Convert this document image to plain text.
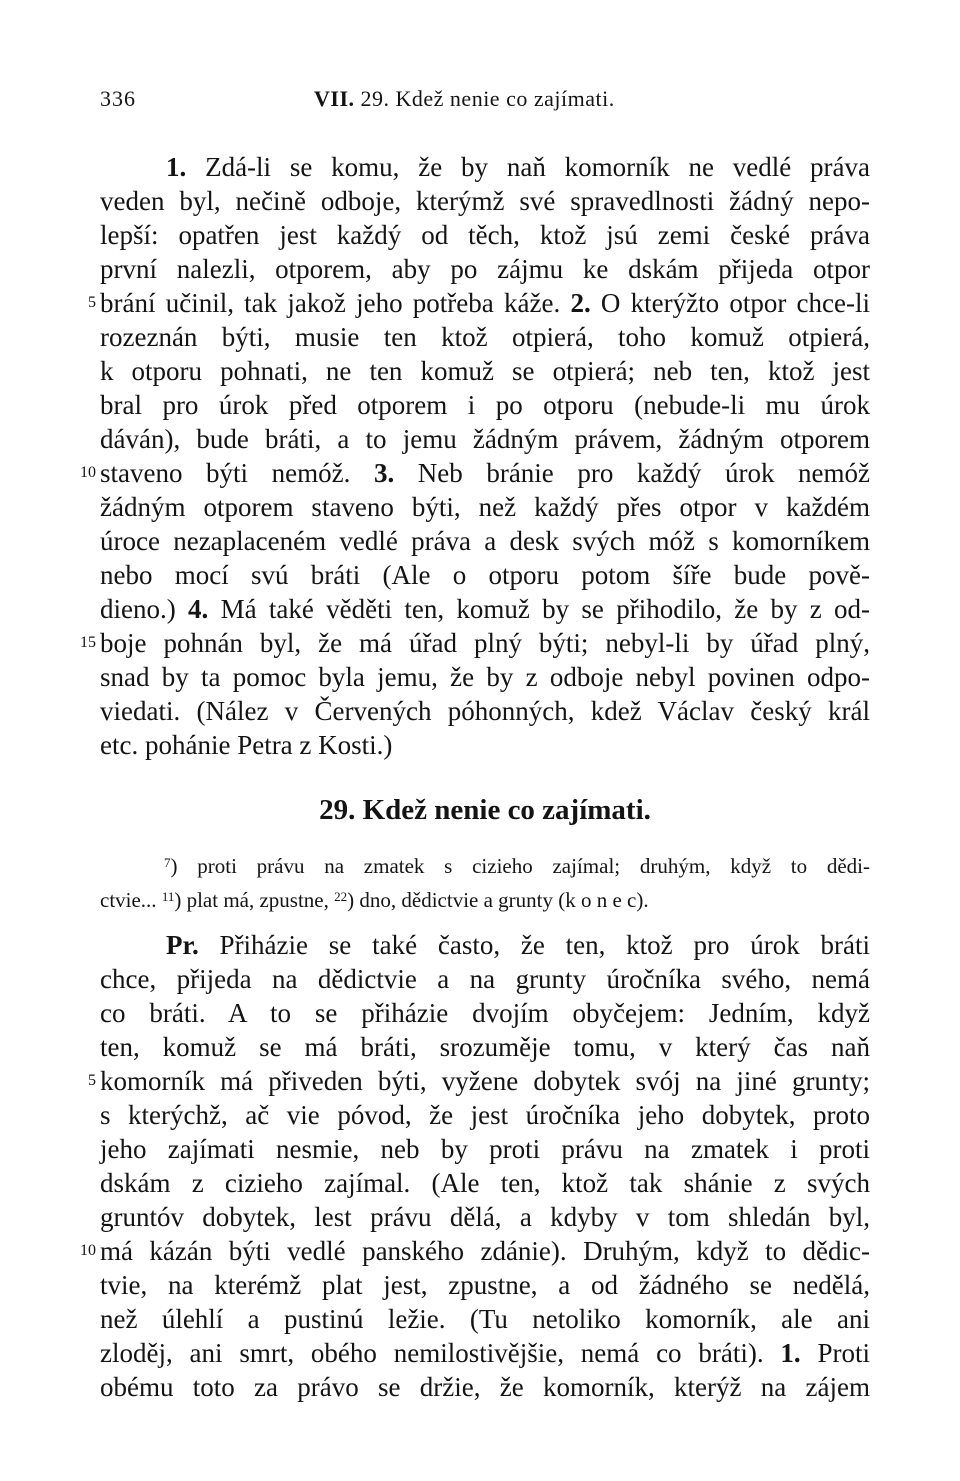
336	VII. 29. Kdež nenie co zajímati.
1. Zdá-li se komu, že by naň komorník ne vedlé práva
veden byl, nečině odboje, kterýmž své spravedlnosti žádný nepo-
lepší: opatřen jest každý od těch, ktož jsú zemi české práva
první nalezli, otporem, aby po zájmu ke dskám přijeda otpor
5 brání učinil, tak jakož jeho potřeba káže. 2. O kterýžto otpor chce-li
rozeznán býti, musie ten ktož otpierá, toho komuž otpierá,
k otporu pohnati, ne ten komuž se otpierá; neb ten, ktož jest
bral pro úrok před otporem i po otporu (nebude-li mu úrok
dáván), bude bráti, a to jemu žádným právem, žádným otporem
10 staveno býti nemóž. 3. Neb bránie pro každý úrok nemóž
žádným otporem staveno býti, než každý přes otpor v každém
úroce nezaplaceném vedlé práva a desk svých móž s komorníkem
nebo mocí svú bráti (Ale o otporu potom šíře bude pově-
dieno.) 4. Má také věděti ten, komuž by se přihodilo, že by z od-
15 boje pohnán byl, že má úřad plný býti; nebyl-li by úřad plný,
snad by ta pomoc byla jemu, že by z odboje nebyl povinen odpo-
viedati. (Nález v Červených póhonných, kdež Václav český král
etc. pohánie Petra z Kosti.)
29. Kdež nenie co zajímati.
$^7$) proti právu na zmatek s cizieho zajímal; druhým, když to dědi-
ctvie... $^{11}$) plat má, zpustne, $^{22}$) dno, dědictvie a grunty (k o n e c).
Pr. Přiházie se také často, že ten, ktož pro úrok bráti
chce, přijeda na dědictvie a na grunty úročníka svého, nemá
co bráti. A to se přiházie dvojím obyčejem: Jedním, když
ten, komuž se má bráti, srozuměje tomu, v který čas naň
5 komorník má přiveden býti, vyžene dobytek svój na jiné grunty;
s kterýchž, ač vie póvod, že jest úročníka jeho dobytek, proto
jeho zajímati nesmie, neb by proti právu na zmatek i proti
dskám z cizieho zajímal. (Ale ten, ktož tak shánie z svých
gruntóv dobytek, lest právu dělá, a kdyby v tom shledán byl,
10 má kázán býti vedlé panského zdánie). Druhým, když to dědic-
tvie, na kterémž plat jest, zpustne, a od žádného se nedělá,
než úlehlí a pustinú ležie. (Tu netoliko komorník, ale ani
zloděj, ani smrt, obého nemilostivějšie, nemá co bráti). 1. Proti
obému toto za právo se držie, že komorník, kterýž na zájem
